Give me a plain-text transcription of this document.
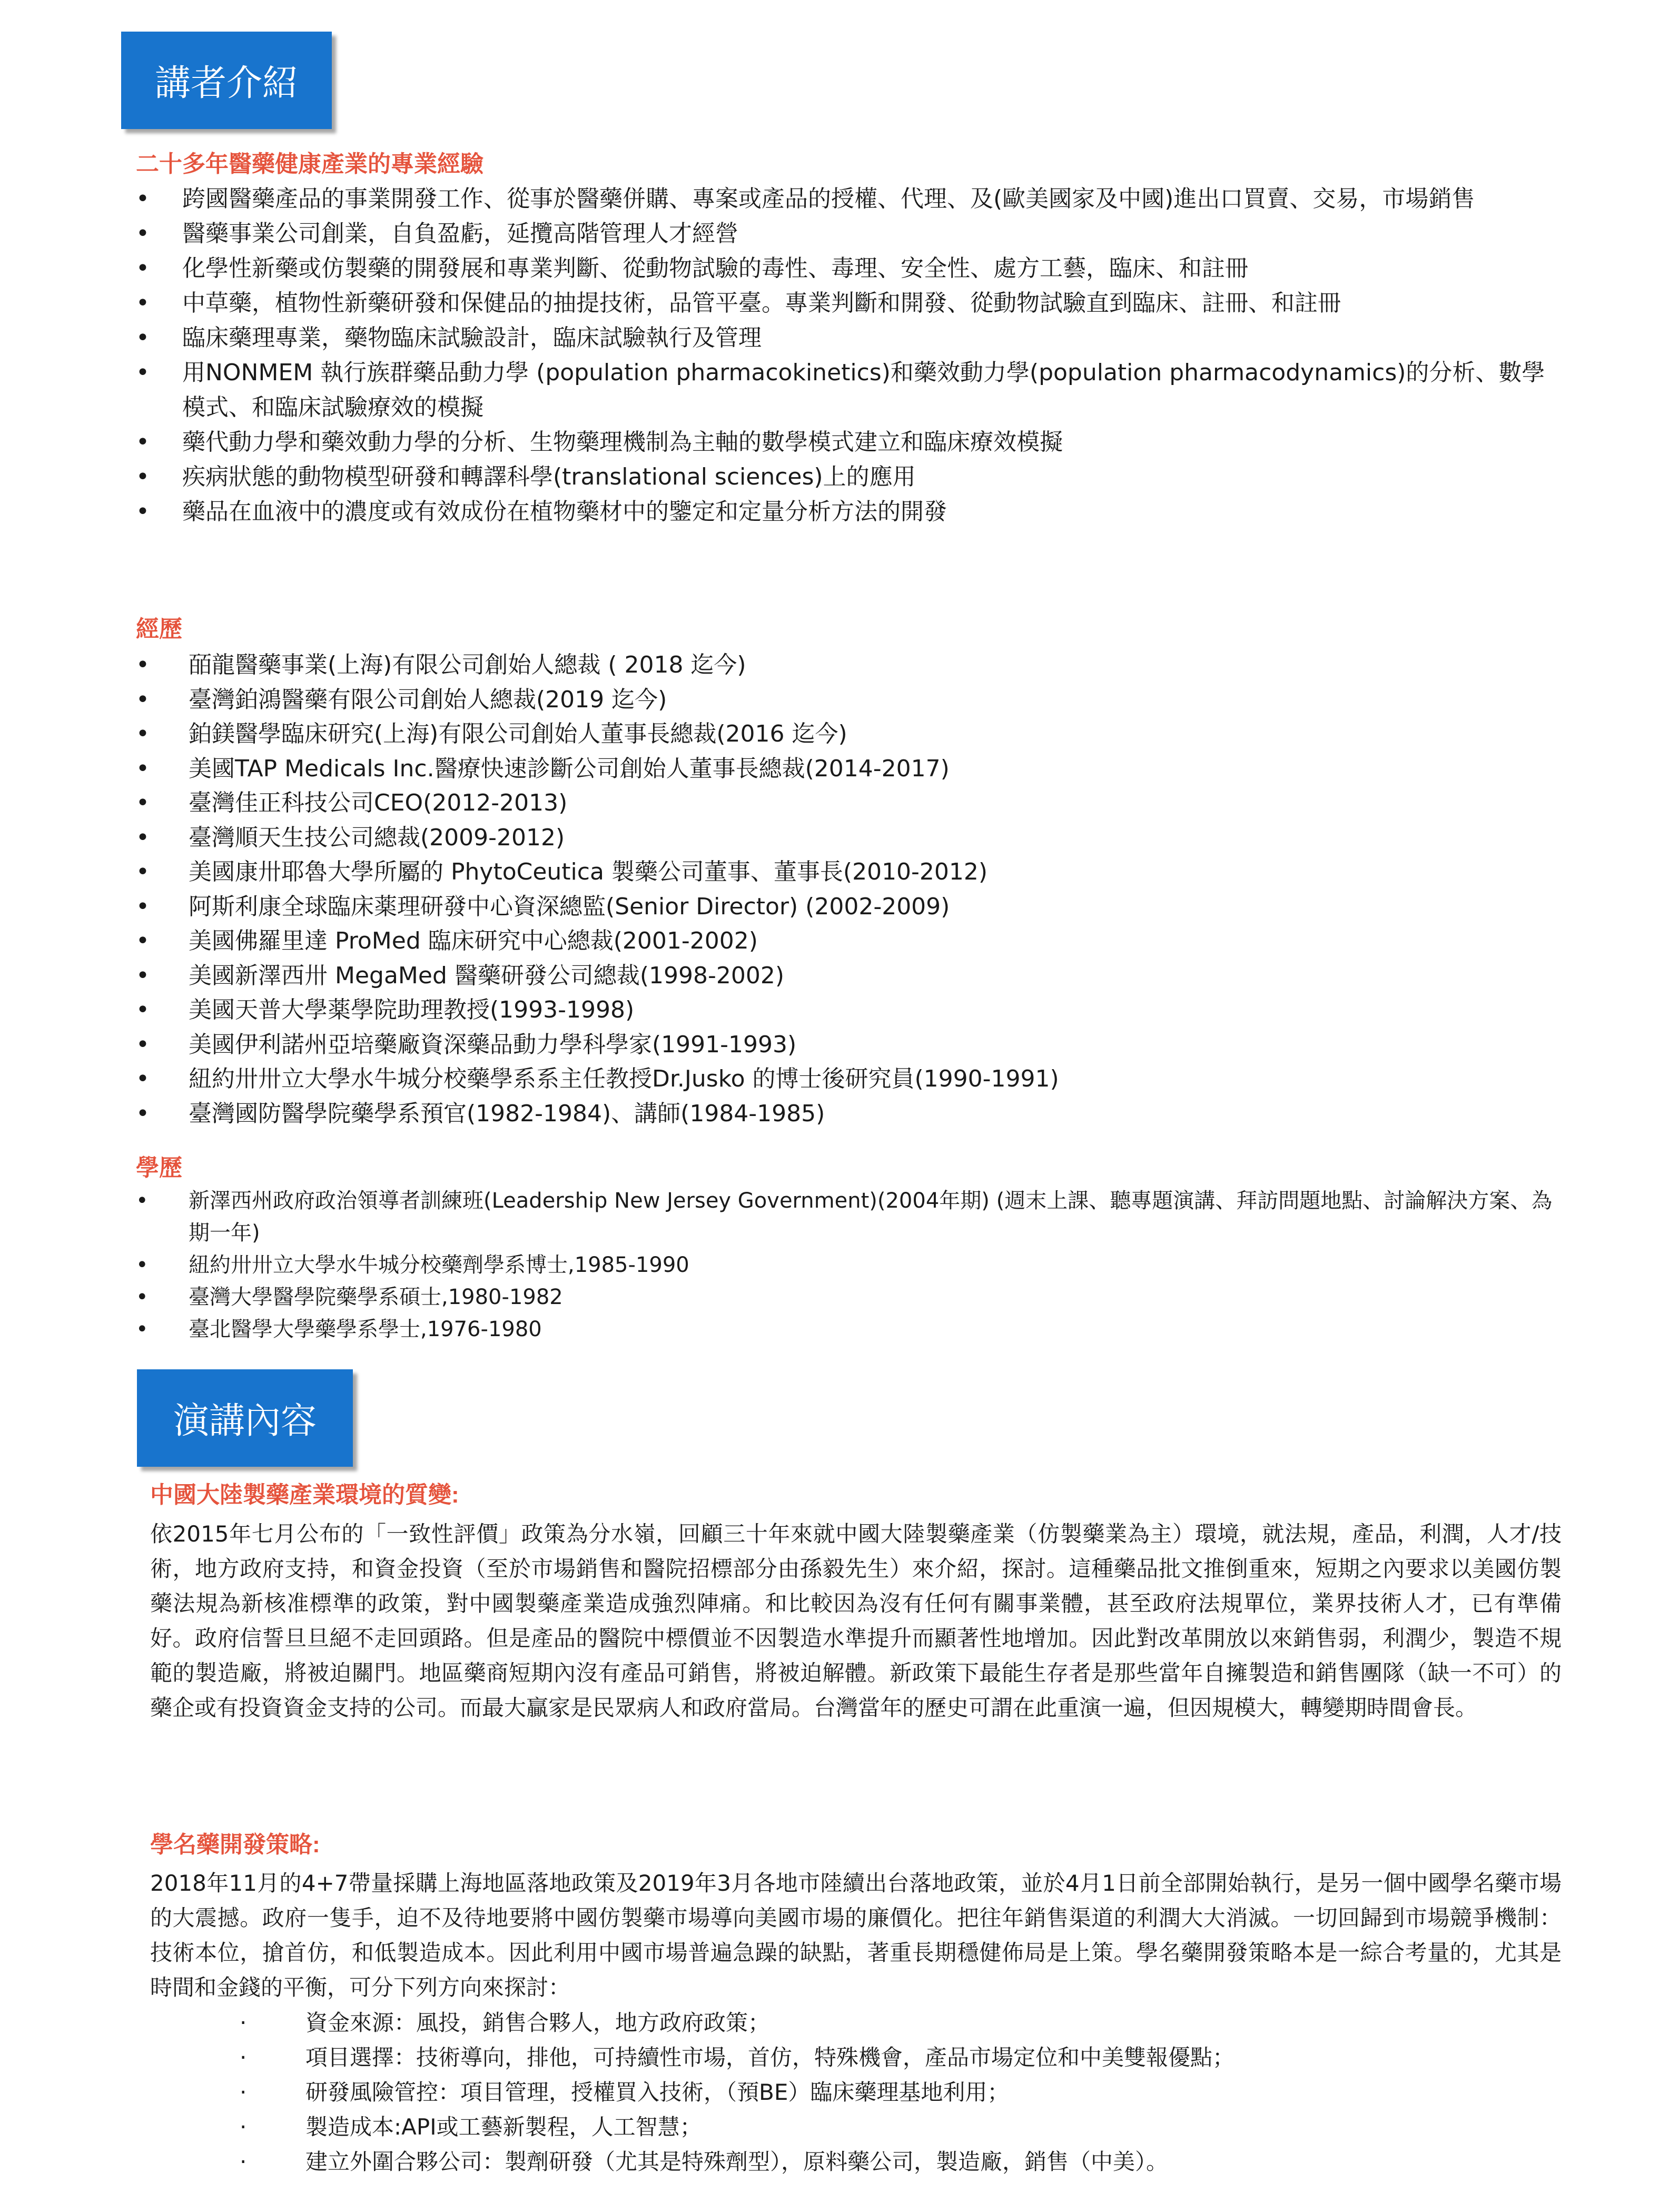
講者介紹
二十多年醫藥健康產業的專業經驗
• 跨國醫藥產品的事業開發工作、從事於醫藥併購、專案或產品的授權、代理、及(歐美國家及中國)進出口買賣、交易，市場銷售
• 醫藥事業公司創業，自負盈虧，延攬高階管理人才經營
• 化學性新藥或仿製藥的開發展和專業判斷、從動物試驗的毒性、毒理、安全性、處方工藝，臨床、和註冊
• 中草藥，植物性新藥研發和保健品的抽提技術，品管平臺。專業判斷和開發、從動物試驗直到臨床、註冊、和註冊
• 臨床藥理專業，藥物臨床試驗設計，臨床試驗執行及管理
• 用NONMEM 執行族群藥品動力學 (population pharmacokinetics)和藥效動力學(population pharmacodynamics)的分析、數學模式、和臨床試驗療效的模擬
• 藥代動力學和藥效動力學的分析、生物藥理機制為主軸的數學模式建立和臨床療效模擬
• 疾病狀態的動物模型研發和轉譯科學(translational sciences)上的應用
• 藥品在血液中的濃度或有效成份在植物藥材中的鑒定和定量分析方法的開發
經歷
• 皕龍醫藥事業(上海)有限公司創始人總裁 ( 2018 迄今)
• 臺灣鉑鴻醫藥有限公司創始人總裁(2019 迄今)
• 鉑鎂醫學臨床研究(上海)有限公司創始人董事長總裁(2016 迄今)
• 美國TAP Medicals Inc.醫療快速診斷公司創始人董事長總裁(2014-2017)
• 臺灣佳正科技公司CEO(2012-2013)
• 臺灣順天生技公司總裁(2009-2012)
• 美國康卅耶魯大學所屬的 PhytoCeutica 製藥公司董事、董事長(2010-2012)
• 阿斯利康全球臨床薬理研發中心資深總監(Senior Director) (2002-2009)
• 美國佛羅里達 ProMed 臨床研究中心總裁(2001-2002)
• 美國新澤西卅 MegaMed 醫藥研發公司總裁(1998-2002)
• 美國天普大學薬學院助理教授(1993-1998)
• 美國伊利諾州亞培藥廠資深藥品動力學科學家(1991-1993)
• 紐約卅卅立大學水牛城分校藥學系系主任教授Dr.Jusko 的博士後研究員(1990-1991)
• 臺灣國防醫學院藥學系預官(1982-1984)、講師(1984-1985)
學歷
• 新澤西州政府政治領導者訓練班(Leadership New Jersey Government)(2004年期) (週末上課、聽專題演講、拜訪問題地點、討論解決方案、為期一年)
• 紐約卅卅立大學水牛城分校藥劑學系博士,1985-1990
• 臺灣大學醫學院藥學系碩士,1980-1982
• 臺北醫學大學藥學系學士,1976-1980
演講內容
中國大陸製藥產業環境的質變:

依2015年七月公布的「一致性評價」政策為分水嶺，回顧三十年來就中國大陸製藥產業（仿製藥業為主）環境，就法規，產品，利潤，人才/技術，地方政府支持，和資金投資（至於市場銷售和醫院招標部分由孫毅先生）來介紹，探討。這種藥品批文推倒重來，短期之內要求以美國仿製藥法規為新核准標準的政策，對中國製藥產業造成強烈陣痛。和比較因為沒有任何有關事業體，甚至政府法規單位，業界技術人才，已有準備好。政府信誓旦旦絕不走回頭路。但是產品的醫院中標價並不因製造水準提升而顯著性地增加。因此對改革開放以來銷售弱，利潤少，製造不規範的製造廠，將被迫關門。地區藥商短期內沒有產品可銷售，將被迫解體。新政策下最能生存者是那些當年自擁製造和銷售團隊（缺一不可）的藥企或有投資資金支持的公司。而最大贏家是民眾病人和政府當局。台灣當年的歷史可謂在此重演一遍，但因規模大，轉變期時間會長。

學名藥開發策略:

2018年11月的4+7帶量採購上海地區落地政策及2019年3月各地市陸續出台落地政策，並於4月1日前全部開始執行，是另一個中國學名藥市場的大震撼。政府一隻手，迫不及待地要將中國仿製藥市場導向美國市場的廉價化。把往年銷售渠道的利潤大大消滅。一切回歸到市場競爭機制：技術本位，搶首仿，和低製造成本。因此利用中國市場普遍急躁的缺點，著重長期穩健佈局是上策。學名藥開發策略本是一綜合考量的，尤其是時間和金錢的平衡，可分下列方向來探討：

· 資金來源：風投，銷售合夥人，地方政府政策；
· 項目選擇：技術導向，排他，可持續性市場，首仿，特殊機會，產品市場定位和中美雙報優點；
· 研發風險管控：項目管理，授權買入技術，（預BE）臨床藥理基地利用；
· 製造成本:API或工藝新製程，人工智慧；
· 建立外圍合夥公司：製劑研發（尤其是特殊劑型），原料藥公司，製造廠，銷售（中美）。
